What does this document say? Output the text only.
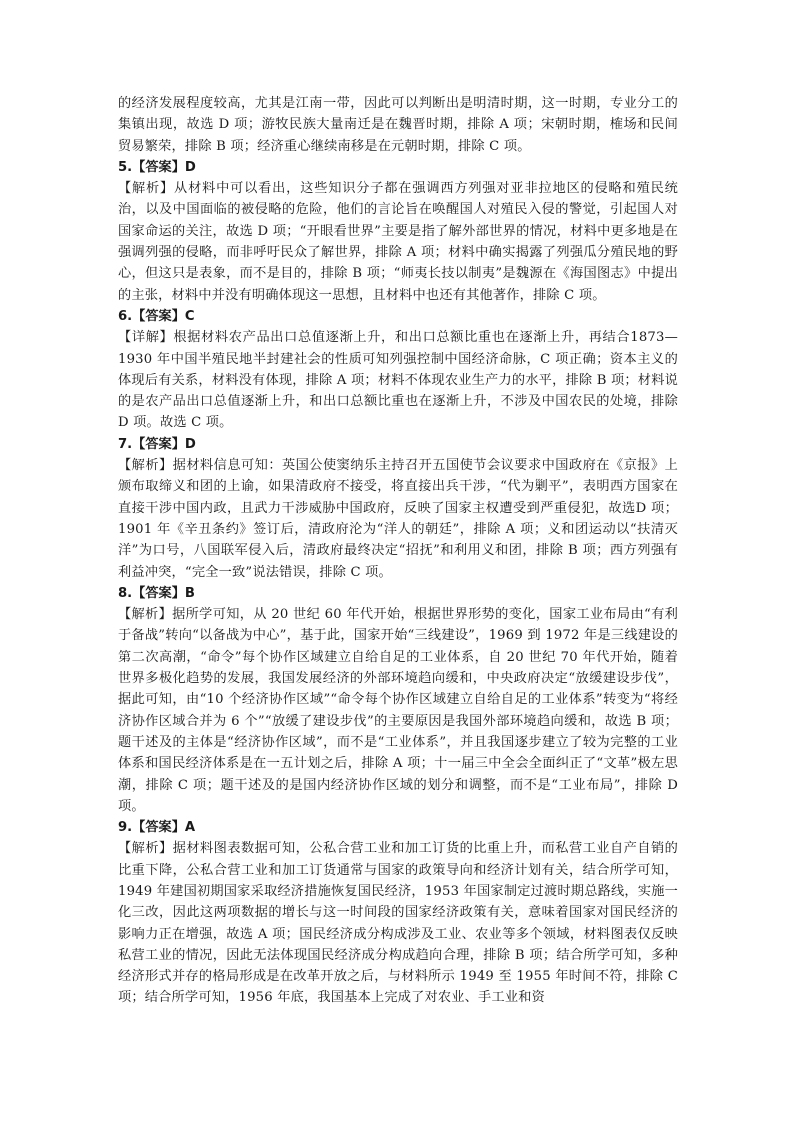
的经济发展程度较高，尤其是江南一带，因此可以判断出是明清时期，这一时期，专业分工的集镇出现，故选 D 项；游牧民族大量南迁是在魏晋时期，排除 A 项；宋朝时期，榷场和民间贸易繁荣，排除 B 项；经济重心继续南移是在元朝时期，排除 C 项。

5.【答案】D

【解析】从材料中可以看出，这些知识分子都在强调西方列强对亚非拉地区的侵略和殖民统治，以及中国面临的被侵略的危险，他们的言论旨在唤醒国人对殖民入侵的警觉，引起国人对国家命运的关注，故选 D 项；“开眼看世界”主要是指了解外部世界的情况，材料中更多地是在强调列强的侵略，而非呼吁民众了解世界，排除 A 项；材料中确实揭露了列强瓜分殖民地的野心，但这只是表象，而不是目的，排除 B 项；“师夷长技以制夷”是魏源在《海国图志》中提出的主张，材料中并没有明确体现这一思想，且材料中也还有其他著作，排除 C 项。

6.【答案】C

【详解】根据材料农产品出口总值逐渐上升，和出口总额比重也在逐渐上升，再结合1873—1930 年中国半殖民地半封建社会的性质可知列强控制中国经济命脉，C 项正确；资本主义的体现后有关系，材料没有体现，排除 A 项；材料不体现农业生产力的水平，排除 B 项；材料说的是农产品出口总值逐渐上升，和出口总额比重也在逐渐上升，不涉及中国农民的处境，排除 D 项。故选 C 项。

7.【答案】D

【解析】据材料信息可知：英国公使窦纳乐主持召开五国使节会议要求中国政府在《京报》上颁布取缔义和团的上谕，如果清政府不接受，将直接出兵干涉，“代为剿平”，表明西方国家在直接干涉中国内政，且武力干涉威胁中国政府，反映了国家主权遭受到严重侵犯，故选D 项；1901 年《辛丑条约》签订后，清政府沦为“洋人的朝廷”，排除 A 项；义和团运动以“扶清灭洋”为口号，八国联军侵入后，清政府最终决定“招抚”和利用义和团，排除 B 项；西方列强有利益冲突，“完全一致”说法错误，排除 C 项。

8.【答案】B

【解析】据所学可知，从 20 世纪 60 年代开始，根据世界形势的变化，国家工业布局由“有利于备战”转向“以备战为中心”，基于此，国家开始“三线建设”，1969 到 1972 年是三线建设的第二次高潮，“命令”每个协作区域建立自给自足的工业体系，自 20 世纪 70 年代开始，随着世界多极化趋势的发展，我国发展经济的外部环境趋向缓和，中央政府决定“放缓建设步伐”，据此可知，由“10 个经济协作区域”“命令每个协作区域建立自给自足的工业体系”转变为“将经济协作区域合并为 6 个”“放缓了建设步伐”的主要原因是我国外部环境趋向缓和，故选 B 项；题干述及的主体是“经济协作区域”，而不是“工业体系”，并且我国逐步建立了较为完整的工业体系和国民经济体系是在一五计划之后，排除 A 项；十一届三中全会全面纠正了“文革”极左思潮，排除 C 项；题干述及的是国内经济协作区域的划分和调整，而不是“工业布局”，排除 D 项。

9.【答案】A

【解析】据材料图表数据可知，公私合营工业和加工订货的比重上升，而私营工业自产自销的比重下降，公私合营工业和加工订货通常与国家的政策导向和经济计划有关，结合所学可知，1949 年建国初期国家采取经济措施恢复国民经济，1953 年国家制定过渡时期总路线，实施一化三改，因此这两项数据的增长与这一时间段的国家经济政策有关，意味着国家对国民经济的影响力正在增强，故选 A 项；国民经济成分构成涉及工业、农业等多个领域，材料图表仅反映私营工业的情况，因此无法体现国民经济成分构成趋向合理，排除 B 项；结合所学可知，多种经济形式并存的格局形成是在改革开放之后，与材料所示 1949 至 1955 年时间不符，排除 C 项；结合所学可知，1956 年底，我国基本上完成了对农业、手工业和资
